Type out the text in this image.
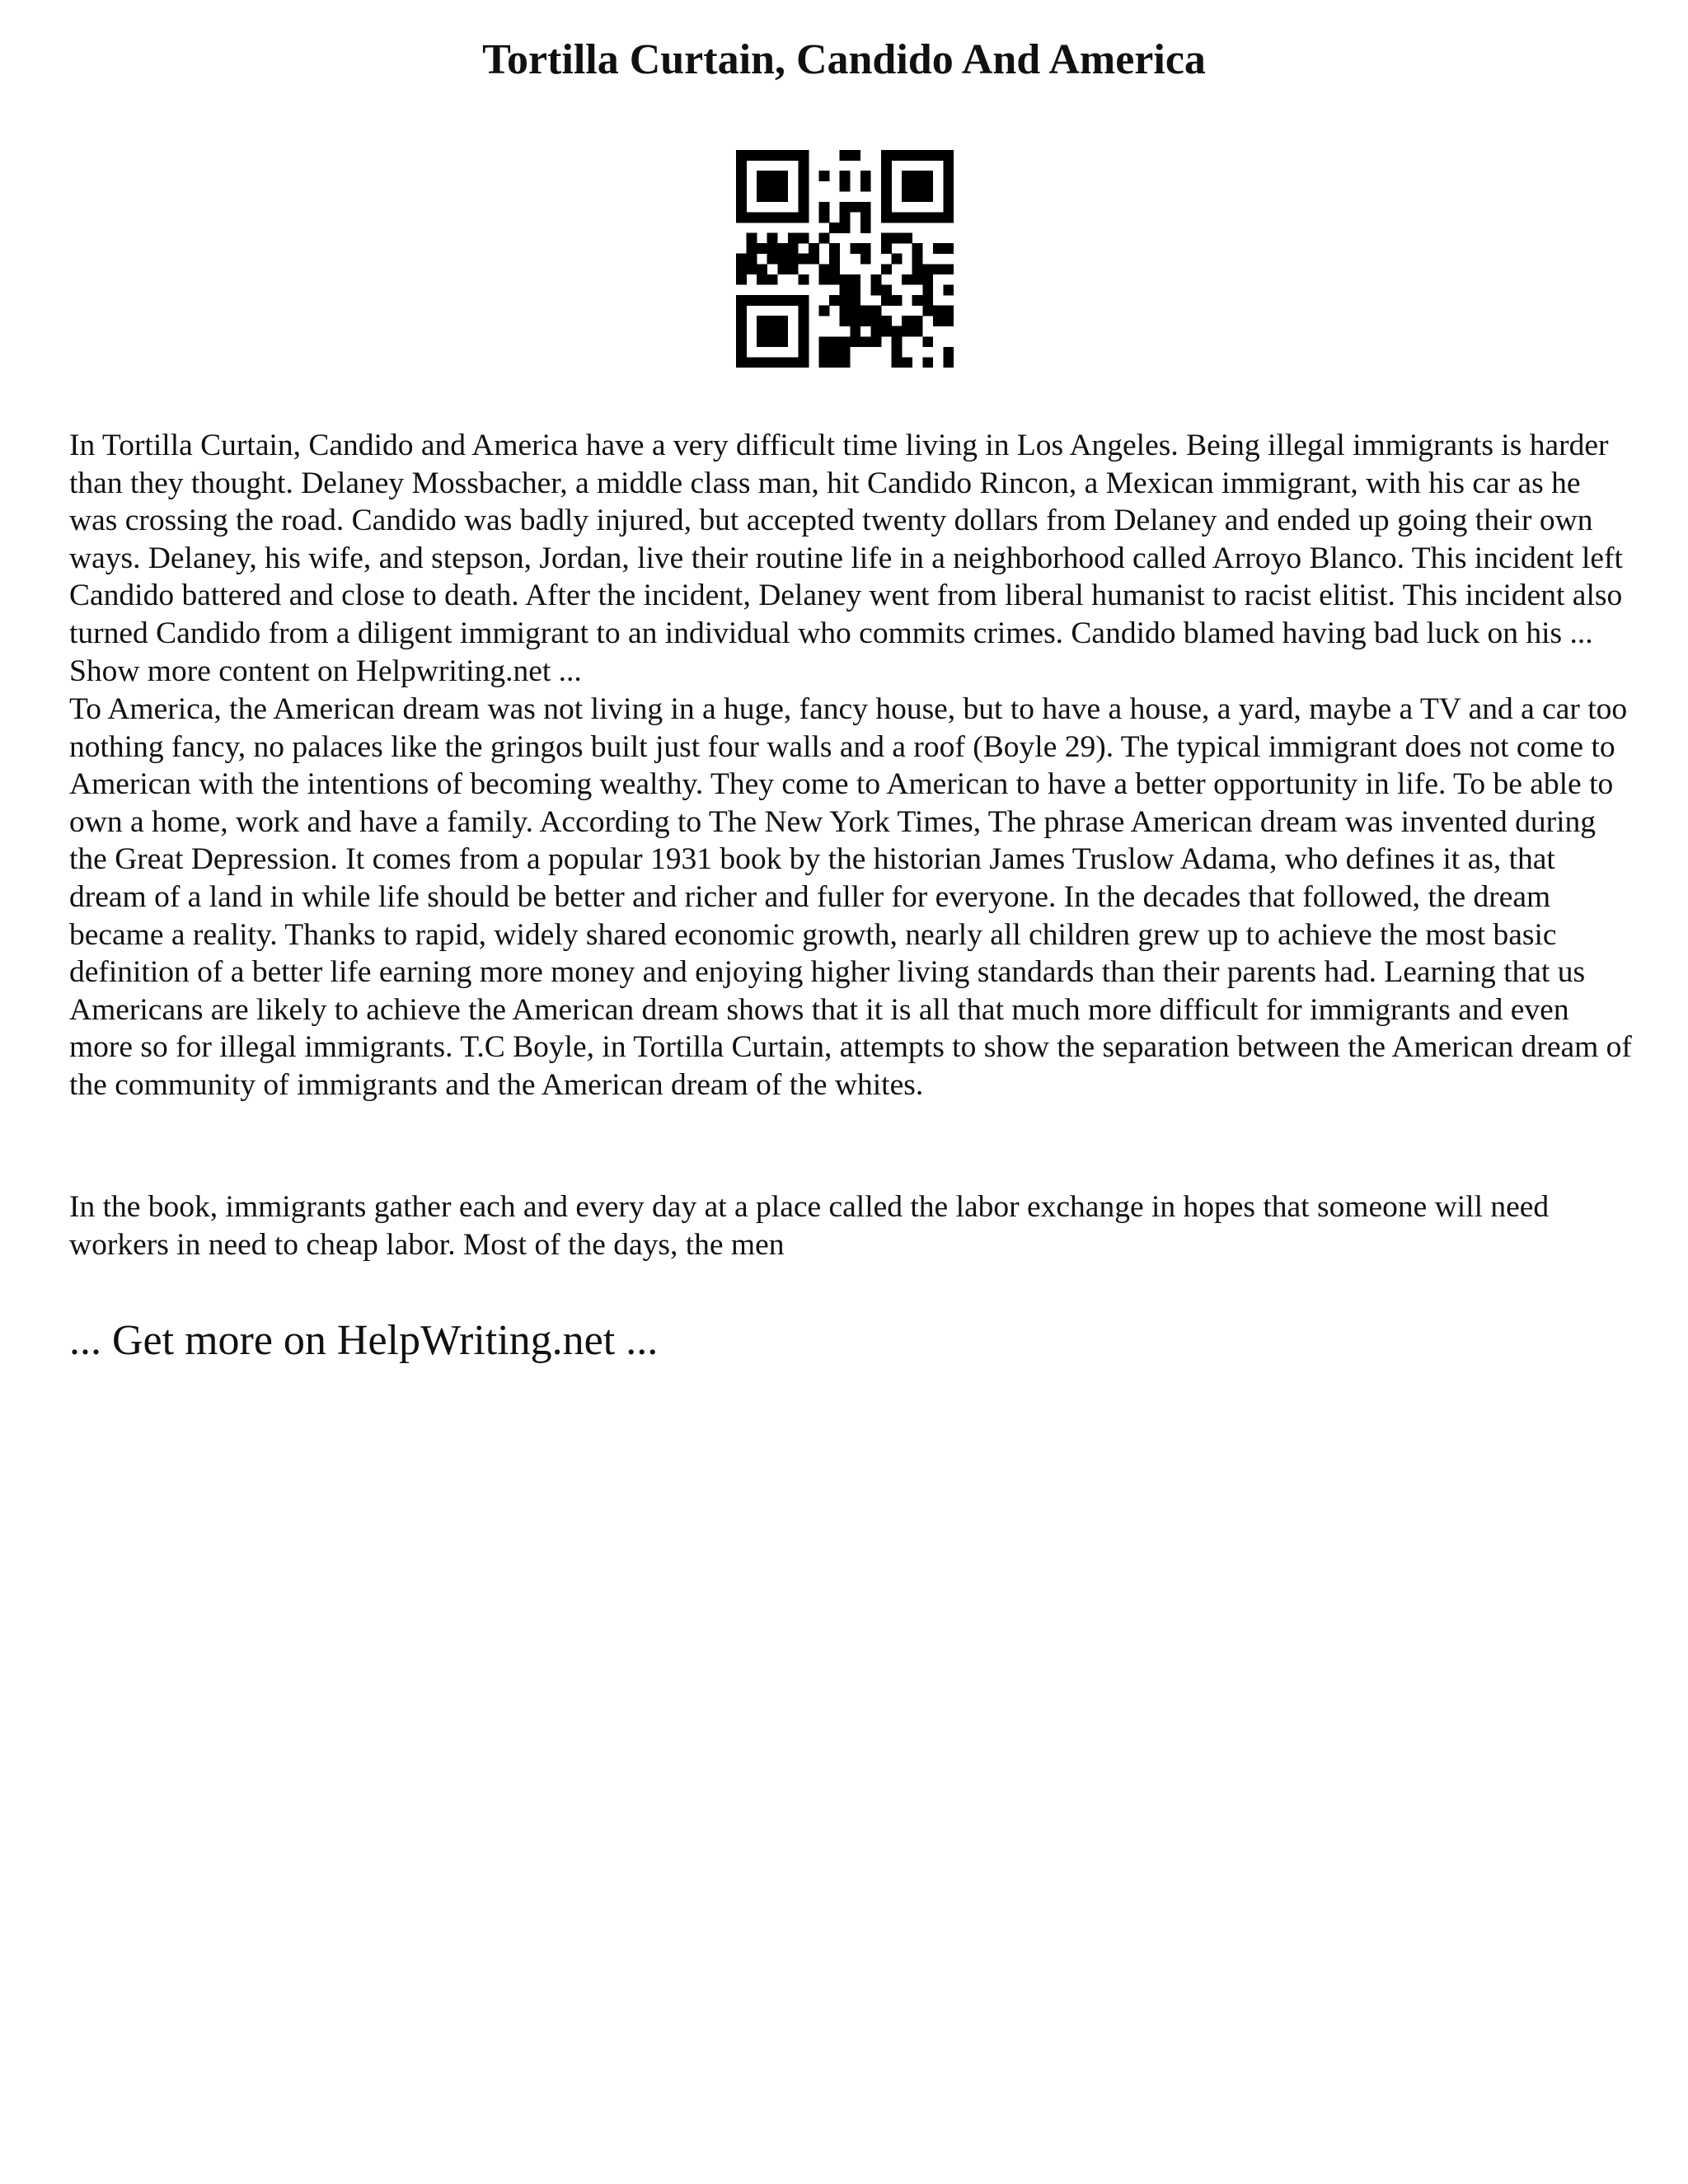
Tortilla Curtain, Candido And America

In Tortilla Curtain, Candido and America have a very difficult time living in Los Angeles. Being illegal immigrants is harder than they thought. Delaney Mossbacher, a middle class man, hit Candido Rincon, a Mexican immigrant, with his car as he was crossing the road. Candido was badly injured, but accepted twenty dollars from Delaney and ended up going their own ways. Delaney, his wife, and stepson, Jordan, live their routine life in a neighborhood called Arroyo Blanco. This incident left Candido battered and close to death. After the incident, Delaney went from liberal humanist to racist elitist. This incident also turned Candido from a diligent immigrant to an individual who commits crimes. Candido blamed having bad luck on his ... Show more content on Helpwriting.net ...

To America, the American dream was not living in a huge, fancy house, but to have a house, a yard, maybe a TV and a car too nothing fancy, no palaces like the gringos built just four walls and a roof (Boyle 29). The typical immigrant does not come to American with the intentions of becoming wealthy. They come to American to have a better opportunity in life. To be able to own a home, work and have a family. According to The New York Times, The phrase American dream was invented during the Great Depression. It comes from a popular 1931 book by the historian James Truslow Adama, who defines it as, that dream of a land in while life should be better and richer and fuller for everyone. In the decades that followed, the dream became a reality. Thanks to rapid, widely shared economic growth, nearly all children grew up to achieve the most basic definition of a better life earning more money and enjoying higher living standards than their parents had. Learning that us Americans are likely to achieve the American dream shows that it is all that much more difficult for immigrants and even more so for illegal immigrants. T.C Boyle, in Tortilla Curtain, attempts to show the separation between the American dream of the community of immigrants and the American dream of the whites.

In the book, immigrants gather each and every day at a place called the labor exchange in hopes that someone will need workers in need to cheap labor. Most of the days, the men

... Get more on HelpWriting.net ...
